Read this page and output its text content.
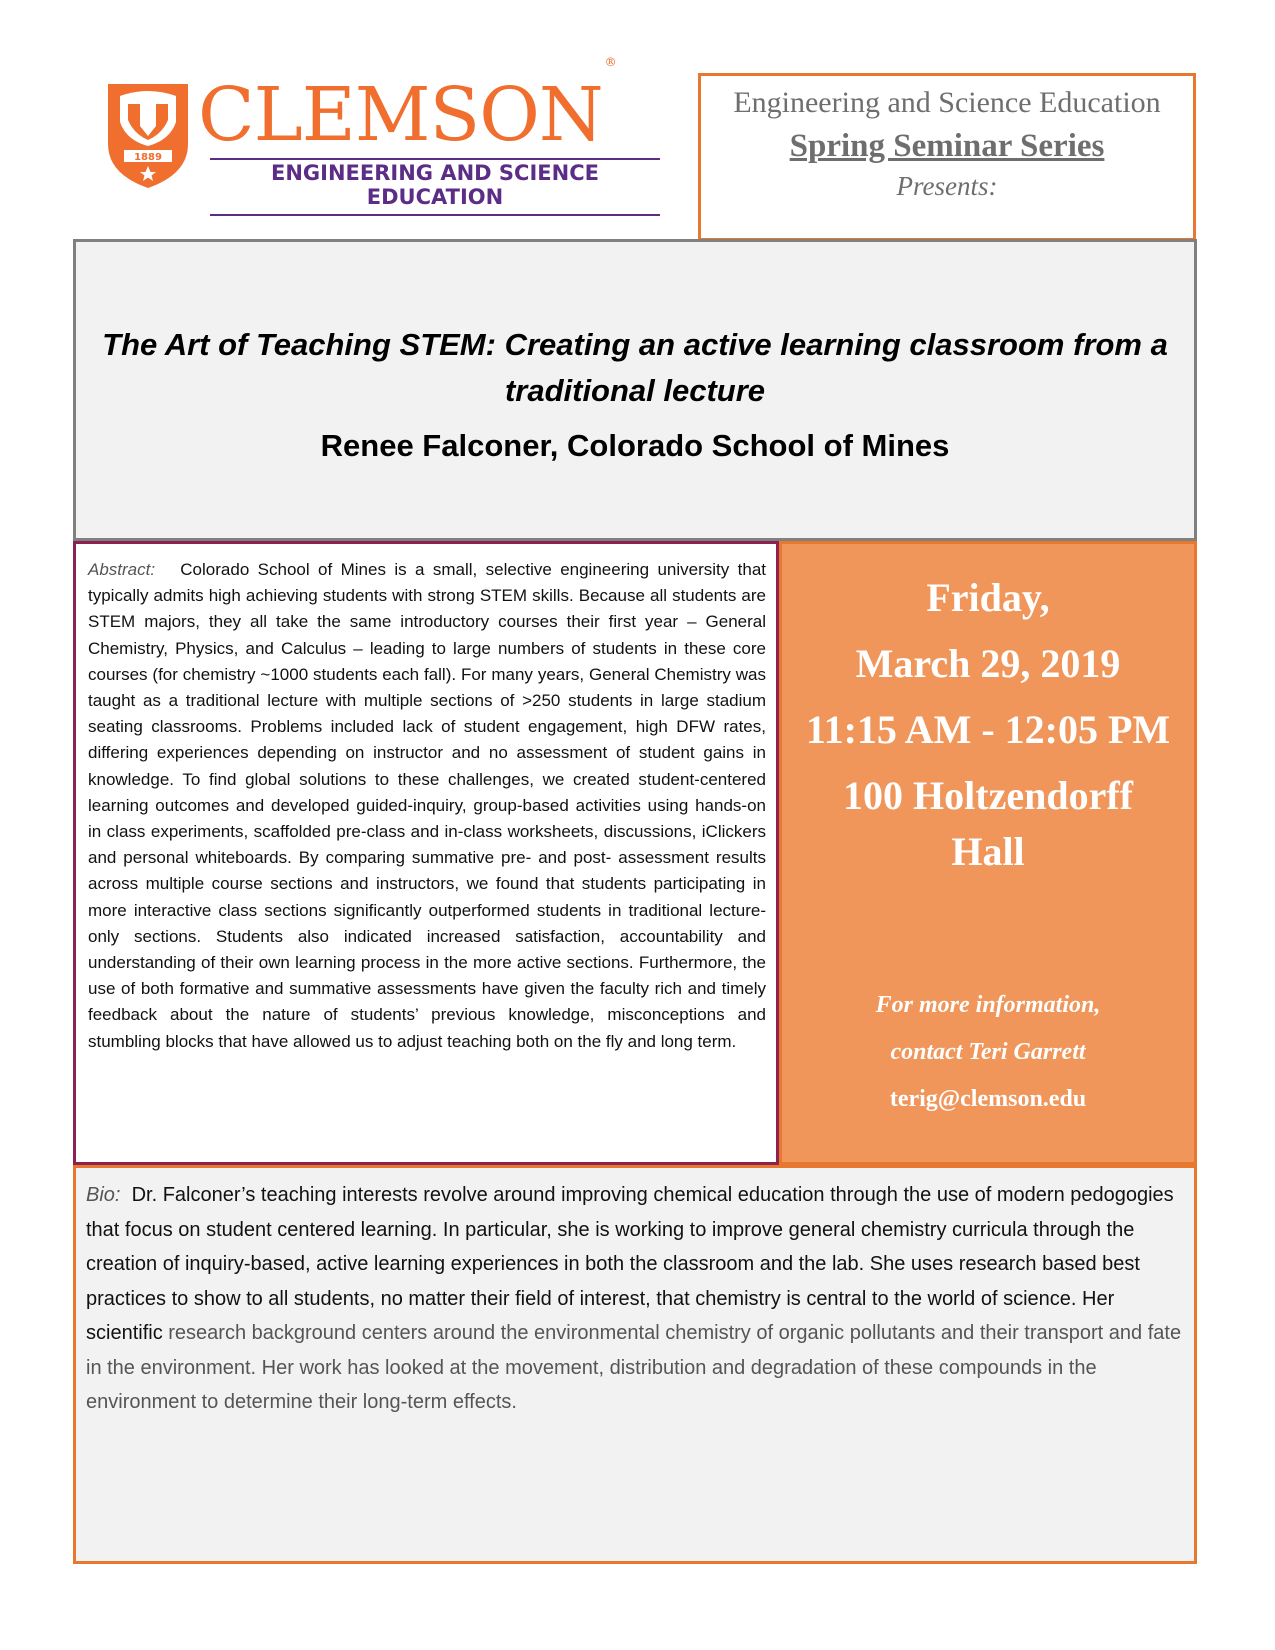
1889 CLEMSON®
ENGINEERING AND SCIENCE
EDUCATION
Engineering and Science Education
Spring Seminar Series
Presents:
The Art of Teaching STEM: Creating an active learning classroom from a traditional lecture
Renee Falconer, Colorado School of Mines

Abstract: Colorado School of Mines is a small, selective engineering university that typically admits high achieving students with strong STEM skills. Because all students are STEM majors, they all take the same introductory courses their first year – General Chemistry, Physics, and Calculus – leading to large numbers of students in these core courses (for chemistry ~1000 students each fall). For many years, General Chemistry was taught as a traditional lecture with multiple sections of >250 students in large stadium seating classrooms. Problems included lack of student engagement, high DFW rates, differing experiences depending on instructor and no assessment of student gains in knowledge. To find global solutions to these challenges, we created student-centered learning outcomes and developed guided-inquiry, group-based activities using hands-on in class experiments, scaffolded pre-class and in-class worksheets, discussions, iClickers and personal whiteboards. By comparing summative pre- and post- assessment results across multiple course sections and instructors, we found that students participating in more interactive class sections significantly outperformed students in traditional lecture-only sections. Students also indicated increased satisfaction, accountability and understanding of their own learning process in the more active sections. Furthermore, the use of both formative and summative assessments have given the faculty rich and timely feedback about the nature of students’ previous knowledge, misconceptions and stumbling blocks that have allowed us to adjust teaching both on the fly and long term.

Friday,
March 29, 2019
11:15 AM - 12:05 PM
100 Holtzendorff
Hall
For more information,
contact Teri Garrett
terig@clemson.edu

Bio: Dr. Falconer’s teaching interests revolve around improving chemical education through the use of modern pedogogies that focus on student centered learning. In particular, she is working to improve general chemistry curricula through the creation of inquiry-based, active learning experiences in both the classroom and the lab. She uses research based best practices to show to all students, no matter their field of interest, that chemistry is central to the world of science. Her scientific research background centers around the environmental chemistry of organic pollutants and their transport and fate in the environment. Her work has looked at the movement, distribution and degradation of these compounds in the environment to determine their long-term effects.
